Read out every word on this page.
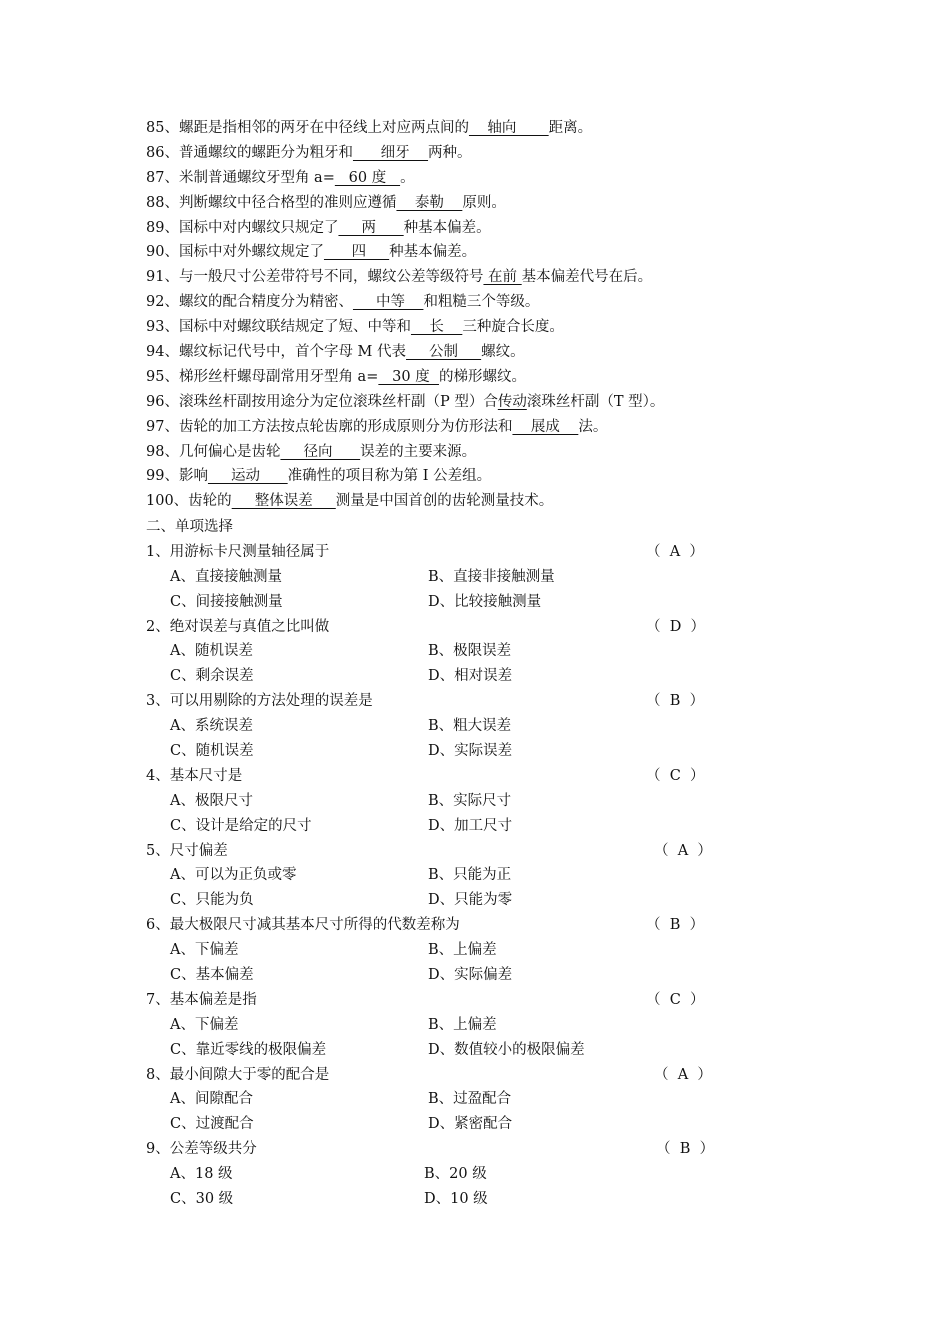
85、螺距是指相邻的两牙在中径线上对应两点间的    轴向       距离。
86、普通螺纹的螺距分为粗牙和      细牙    两种。
87、米制普通螺纹牙型角 a=   60 度   。
88、判断螺纹中径合格型的准则应遵循    泰勒    原则。
89、国标中对内螺纹只规定了     两      种基本偏差。
90、国标中对外螺纹规定了      四     种基本偏差。
91、与一般尺寸公差带符号不同，螺纹公差等级符号 在前 基本偏差代号在后。
92、螺纹的配合精度分为精密、     中等    和粗糙三个等级。
93、国标中对螺纹联结规定了短、中等和    长    三种旋合长度。
94、螺纹标记代号中，首个字母 M 代表     公制     螺纹。
95、梯形丝杆螺母副常用牙型角 a=   30 度  的梯形螺纹。
96、滚珠丝杆副按用途分为定位滚珠丝杆副（P 型）合传动滚珠丝杆副（T 型）。
97、齿轮的加工方法按点轮齿廓的形成原则分为仿形法和    展成    法。
98、几何偏心是齿轮     径向      误差的主要来源。
99、影响     运动      准确性的项目称为第 I 公差组。
100、齿轮的     整体误差     测量是中国首创的齿轮测量技术。
二、单项选择
1、用游标卡尺测量轴径属于	（  A  ）
A、直接接触测量	B、直接非接触测量
C、间接接触测量	D、比较接触测量
2、绝对误差与真值之比叫做	（  D  ）
A、随机误差	B、极限误差
C、剩余误差	D、相对误差
3、可以用剔除的方法处理的误差是	（  B  ）
A、系统误差	B、粗大误差
C、随机误差	D、实际误差
4、基本尺寸是	（  C  ）
A、极限尺寸	B、实际尺寸
C、设计是给定的尺寸	D、加工尺寸
5、尺寸偏差	（  A  ）
A、可以为正负或零	B、只能为正
C、只能为负	D、只能为零
6、最大极限尺寸减其基本尺寸所得的代数差称为	（  B  ）
A、下偏差	B、上偏差
C、基本偏差	D、实际偏差
7、基本偏差是指	（  C  ）
A、下偏差	B、上偏差
C、靠近零线的极限偏差	D、数值较小的极限偏差
8、最小间隙大于零的配合是	（  A  ）
A、间隙配合	B、过盈配合
C、过渡配合	D、紧密配合
9、公差等级共分	（  B  ）
A、18 级	B、20 级
C、30 级	D、10 级
